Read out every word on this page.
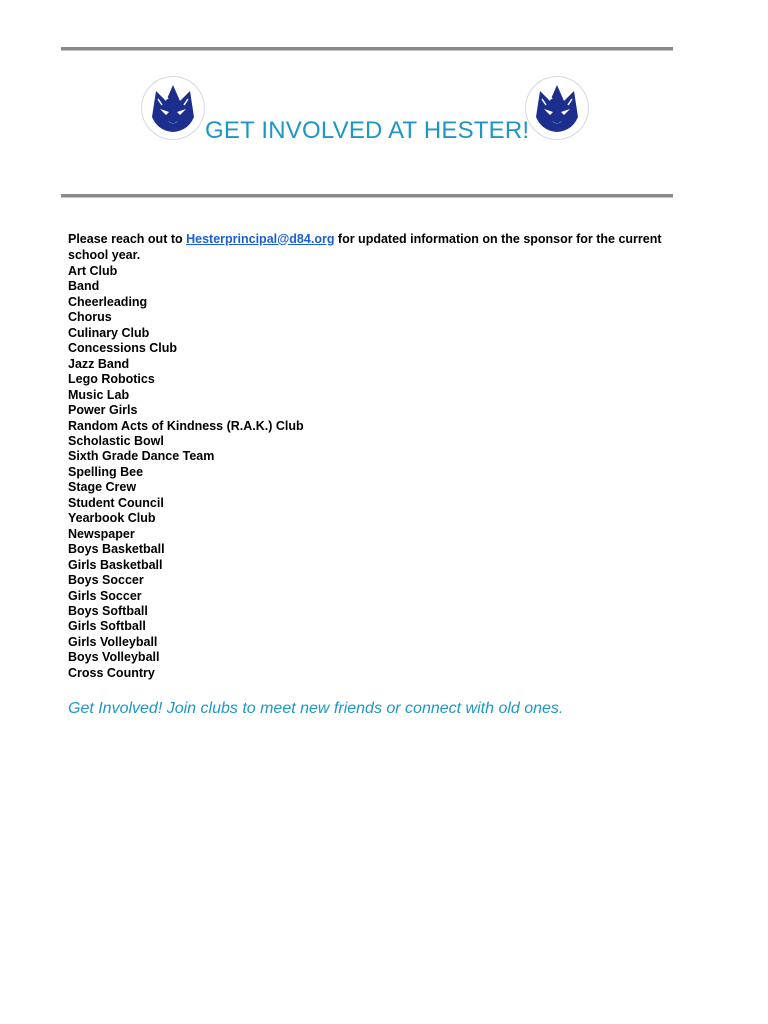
GET INVOLVED AT HESTER!

Please reach out to Hesterprincipal@d84.org for updated information on the sponsor for the current school year.

Art Club
Band
Cheerleading
Chorus
Culinary Club
Concessions Club
Jazz Band
Lego Robotics
Music Lab
Power Girls
Random Acts of Kindness (R.A.K.) Club
Scholastic Bowl
Sixth Grade Dance Team
Spelling Bee
Stage Crew
Student Council
Yearbook Club
Newspaper
Boys Basketball
Girls Basketball
Boys Soccer
Girls Soccer
Boys Softball
Girls Softball
Girls Volleyball
Boys Volleyball
Cross Country
Get Involved! Join clubs to meet new friends or connect with old ones.
